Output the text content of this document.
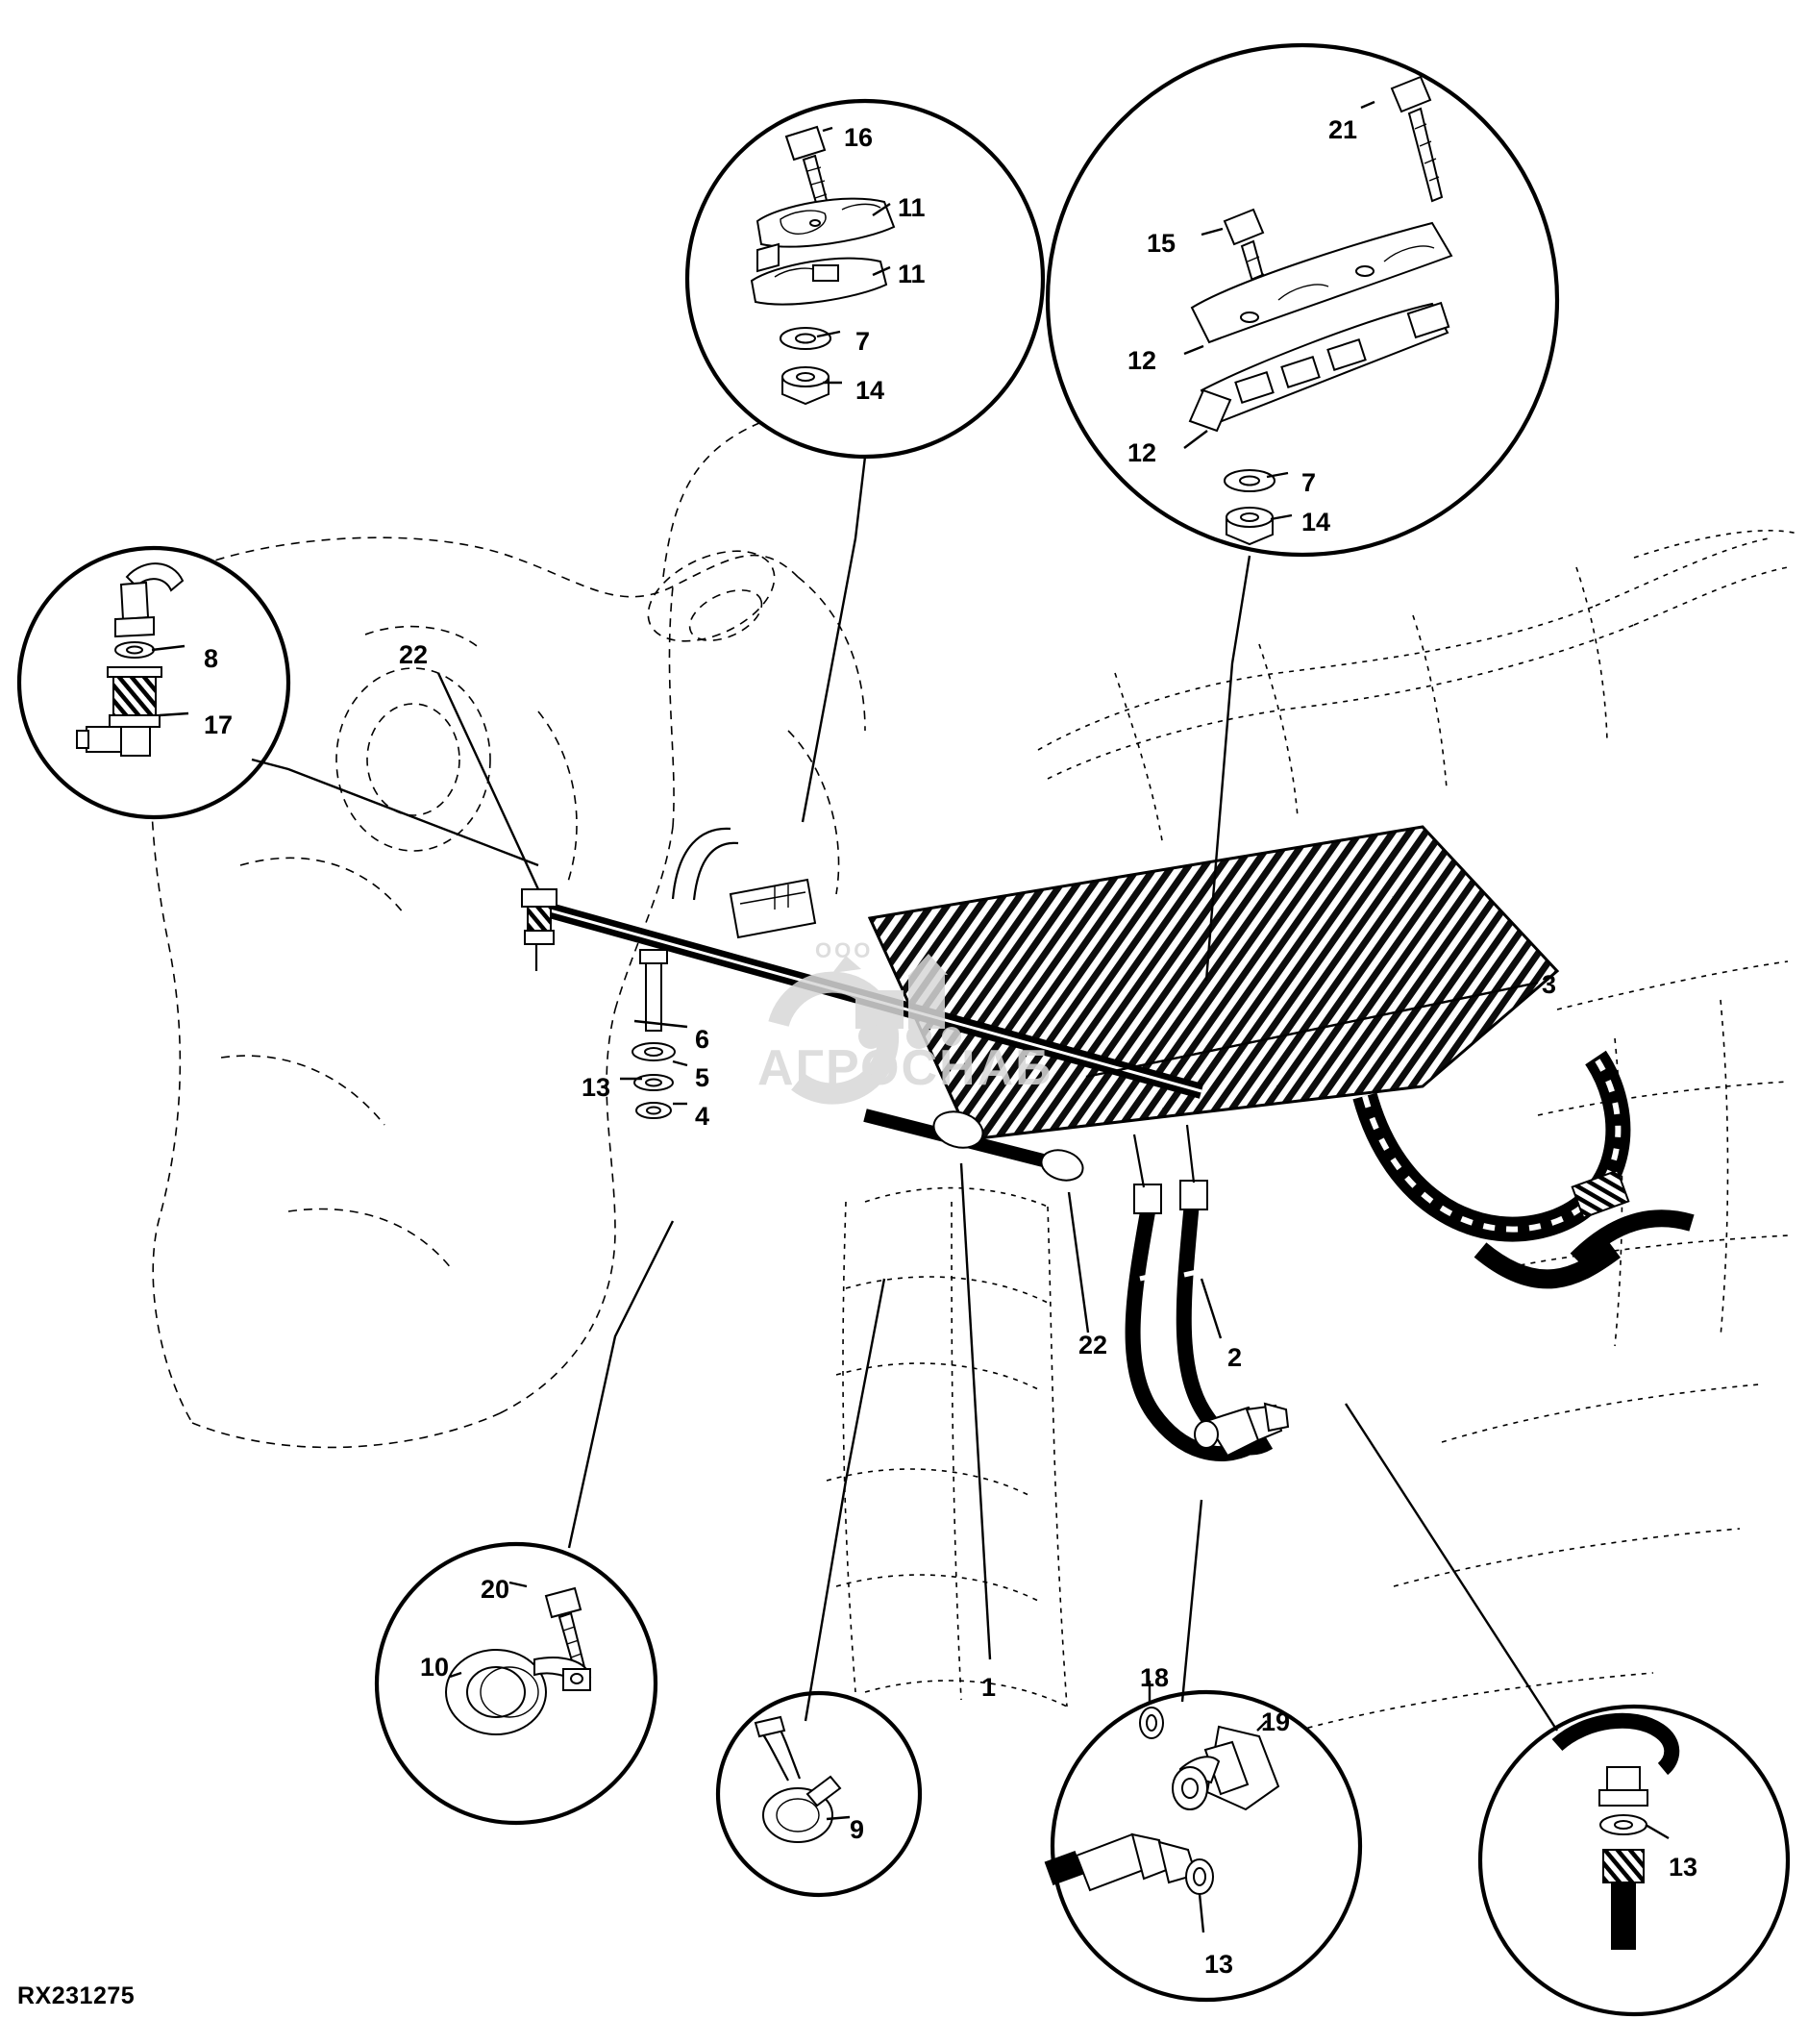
ООО
АГРОСНАБ
16
11
11
7
14
21
15
12
12
7
14
8
17
22
6
5
4
13
3
22	2
20
10
9
1	18
19
13
13
RX231275
